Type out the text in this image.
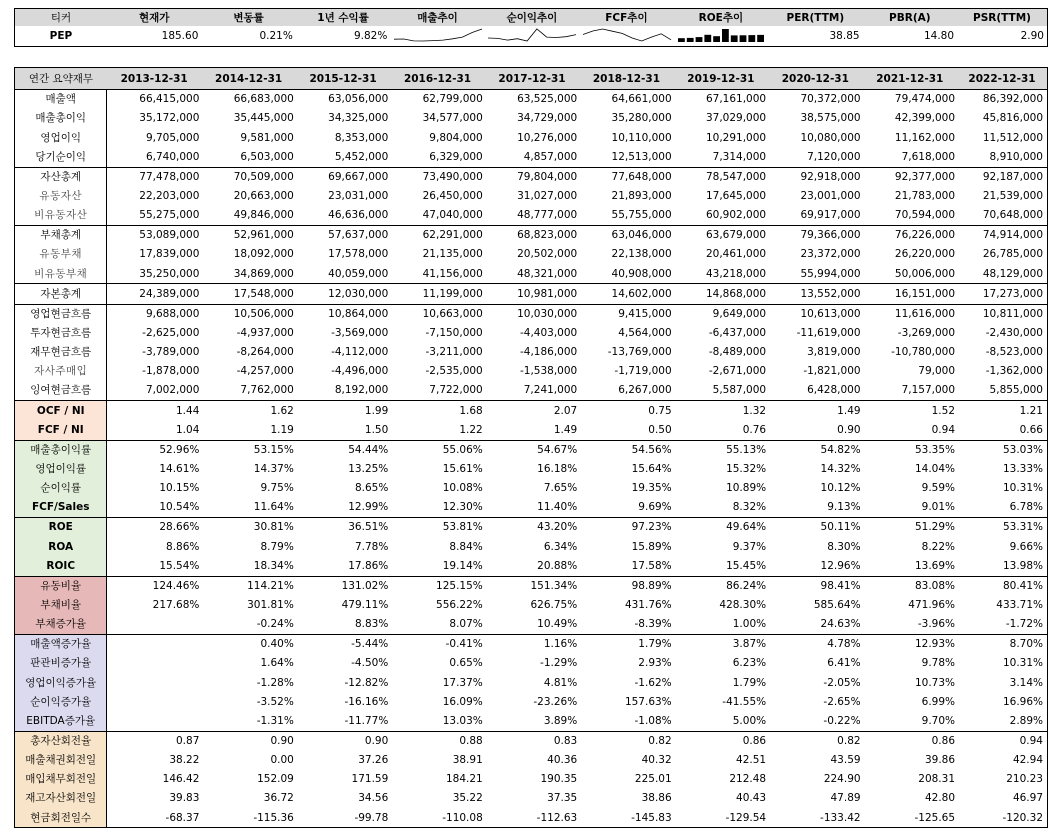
티커	현재가	변동률	1년 수익률	매출추이	순이익추이	FCF추이	ROE추이	PER(TTM)	PBR(A)	PSR(TTM)
PEP	185.60	0.21%	9.82%					38.85	14.80	2.90
연간 요약재무	2013-12-31	2014-12-31	2015-12-31	2016-12-31	2017-12-31	2018-12-31	2019-12-31	2020-12-31	2021-12-31	2022-12-31
매출액	66,415,000	66,683,000	63,056,000	62,799,000	63,525,000	64,661,000	67,161,000	70,372,000	79,474,000	86,392,000
매출총이익	35,172,000	35,445,000	34,325,000	34,577,000	34,729,000	35,280,000	37,029,000	38,575,000	42,399,000	45,816,000
영업이익	9,705,000	9,581,000	8,353,000	9,804,000	10,276,000	10,110,000	10,291,000	10,080,000	11,162,000	11,512,000
당기순이익	6,740,000	6,503,000	5,452,000	6,329,000	4,857,000	12,513,000	7,314,000	7,120,000	7,618,000	8,910,000
자산총계	77,478,000	70,509,000	69,667,000	73,490,000	79,804,000	77,648,000	78,547,000	92,918,000	92,377,000	92,187,000
유동자산	22,203,000	20,663,000	23,031,000	26,450,000	31,027,000	21,893,000	17,645,000	23,001,000	21,783,000	21,539,000
비유동자산	55,275,000	49,846,000	46,636,000	47,040,000	48,777,000	55,755,000	60,902,000	69,917,000	70,594,000	70,648,000
부채총계	53,089,000	52,961,000	57,637,000	62,291,000	68,823,000	63,046,000	63,679,000	79,366,000	76,226,000	74,914,000
유동부채	17,839,000	18,092,000	17,578,000	21,135,000	20,502,000	22,138,000	20,461,000	23,372,000	26,220,000	26,785,000
비유동부채	35,250,000	34,869,000	40,059,000	41,156,000	48,321,000	40,908,000	43,218,000	55,994,000	50,006,000	48,129,000
자본총계	24,389,000	17,548,000	12,030,000	11,199,000	10,981,000	14,602,000	14,868,000	13,552,000	16,151,000	17,273,000
영업현금흐름	9,688,000	10,506,000	10,864,000	10,663,000	10,030,000	9,415,000	9,649,000	10,613,000	11,616,000	10,811,000
투자현금흐름	-2,625,000	-4,937,000	-3,569,000	-7,150,000	-4,403,000	4,564,000	-6,437,000	-11,619,000	-3,269,000	-2,430,000
재무현금흐름	-3,789,000	-8,264,000	-4,112,000	-3,211,000	-4,186,000	-13,769,000	-8,489,000	3,819,000	-10,780,000	-8,523,000
자사주매입	-1,878,000	-4,257,000	-4,496,000	-2,535,000	-1,538,000	-1,719,000	-2,671,000	-1,821,000	79,000	-1,362,000
잉여현금흐름	7,002,000	7,762,000	8,192,000	7,722,000	7,241,000	6,267,000	5,587,000	6,428,000	7,157,000	5,855,000
OCF / NI	1.44	1.62	1.99	1.68	2.07	0.75	1.32	1.49	1.52	1.21
FCF / NI	1.04	1.19	1.50	1.22	1.49	0.50	0.76	0.90	0.94	0.66
매출총이익률	52.96%	53.15%	54.44%	55.06%	54.67%	54.56%	55.13%	54.82%	53.35%	53.03%
영업이익률	14.61%	14.37%	13.25%	15.61%	16.18%	15.64%	15.32%	14.32%	14.04%	13.33%
순이익률	10.15%	9.75%	8.65%	10.08%	7.65%	19.35%	10.89%	10.12%	9.59%	10.31%
FCF/Sales	10.54%	11.64%	12.99%	12.30%	11.40%	9.69%	8.32%	9.13%	9.01%	6.78%
ROE	28.66%	30.81%	36.51%	53.81%	43.20%	97.23%	49.64%	50.11%	51.29%	53.31%
ROA	8.86%	8.79%	7.78%	8.84%	6.34%	15.89%	9.37%	8.30%	8.22%	9.66%
ROIC	15.54%	18.34%	17.86%	19.14%	20.88%	17.58%	15.45%	12.96%	13.69%	13.98%
유동비율	124.46%	114.21%	131.02%	125.15%	151.34%	98.89%	86.24%	98.41%	83.08%	80.41%
부채비율	217.68%	301.81%	479.11%	556.22%	626.75%	431.76%	428.30%	585.64%	471.96%	433.71%
부채증가율		-0.24%	8.83%	8.07%	10.49%	-8.39%	1.00%	24.63%	-3.96%	-1.72%
매출액증가율		0.40%	-5.44%	-0.41%	1.16%	1.79%	3.87%	4.78%	12.93%	8.70%
판관비증가율		1.64%	-4.50%	0.65%	-1.29%	2.93%	6.23%	6.41%	9.78%	10.31%
영업이익증가율		-1.28%	-12.82%	17.37%	4.81%	-1.62%	1.79%	-2.05%	10.73%	3.14%
순이익증가율		-3.52%	-16.16%	16.09%	-23.26%	157.63%	-41.55%	-2.65%	6.99%	16.96%
EBITDA증가율		-1.31%	-11.77%	13.03%	3.89%	-1.08%	5.00%	-0.22%	9.70%	2.89%
총자산회전율	0.87	0.90	0.90	0.88	0.83	0.82	0.86	0.82	0.86	0.94
매출채권회전일	38.22	0.00	37.26	38.91	40.36	40.32	42.51	43.59	39.86	42.94
매입채무회전일	146.42	152.09	171.59	184.21	190.35	225.01	212.48	224.90	208.31	210.23
재고자산회전일	39.83	36.72	34.56	35.22	37.35	38.86	40.43	47.89	42.80	46.97
현금회전일수	-68.37	-115.36	-99.78	-110.08	-112.63	-145.83	-129.54	-133.42	-125.65	-120.32
